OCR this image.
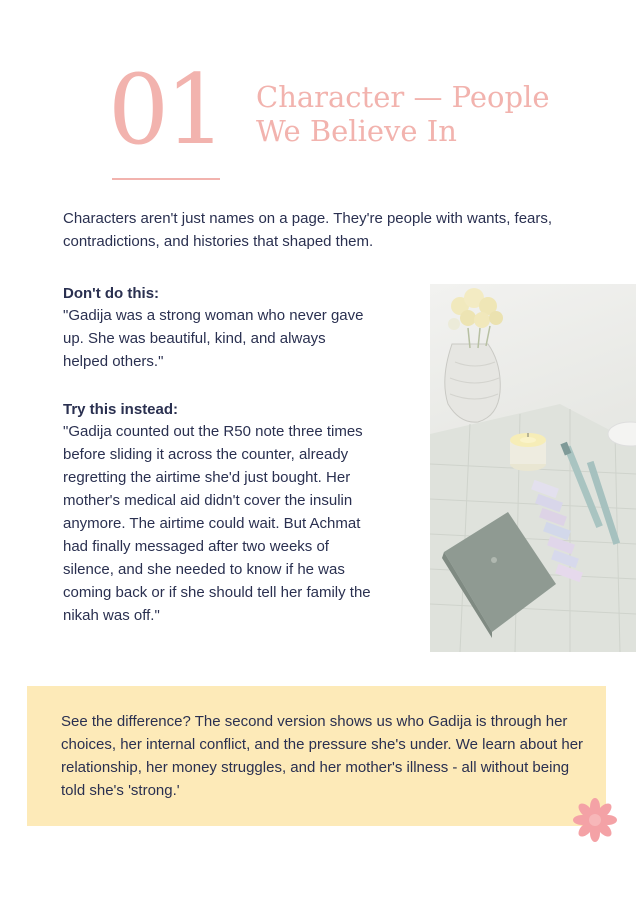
01 Character — People
We Believe In
Characters aren't just names on a page. They're people with wants, fears, contradictions, and histories that shaped them.
Don't do this:
"Gadija was a strong woman who never gave up. She was beautiful, kind, and always helped others."
Try this instead:
"Gadija counted out the R50 note three times before sliding it across the counter, already regretting the airtime she'd just bought. Her mother's medical aid didn't cover the insulin anymore. The airtime could wait. But Achmat had finally messaged after two weeks of silence, and she needed to know if he was coming back or if she should tell her family the nikah was off."
See the difference? The second version shows us who Gadija is through her choices, her internal conflict, and the pressure she's under. We learn about her relationship, her money struggles, and her mother's illness - all without being told she's 'strong.'
